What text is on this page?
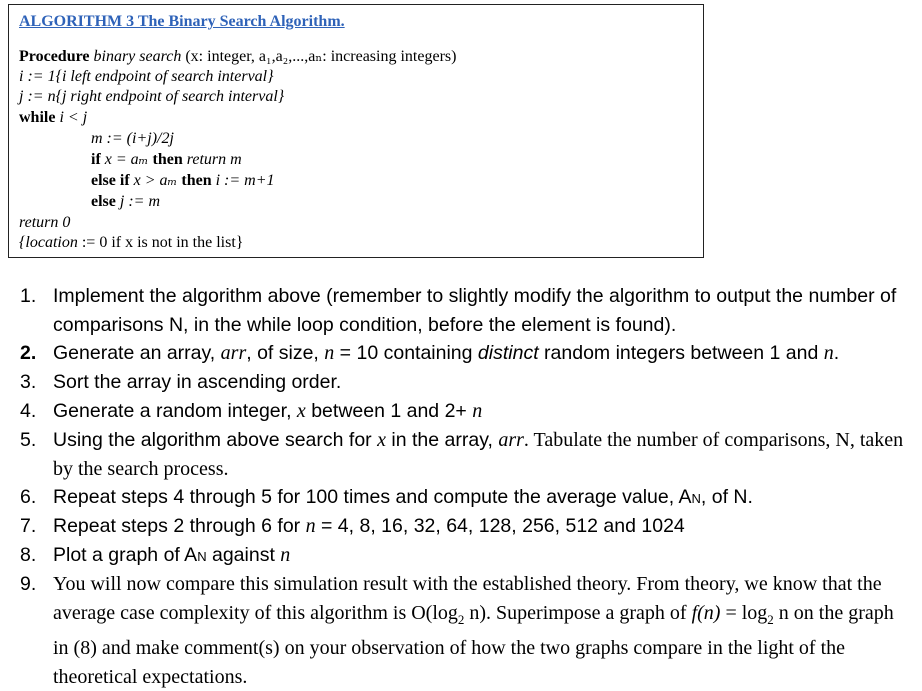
ALGORITHM 3 The Binary Search Algorithm.
Procedure binary search (x: integer, a₁,a₂,...,aₙ: increasing integers)
i := 1{i left endpoint of search interval}
j := n{j right endpoint of search interval}
while i < j
m := (i+j)/2j
if x = aₘ then return m
else if x > aₘ then i := m+1
else j := m
return 0
{location := 0 if x is not in the list}
1. Implement the algorithm above (remember to slightly modify the algorithm to output the number of comparisons N, in the while loop condition, before the element is found).
2. Generate an array, arr, of size, n = 10 containing distinct random integers between 1 and n.
3. Sort the array in ascending order.
4. Generate a random integer, x between 1 and 2+ n
5. Using the algorithm above search for x in the array, arr. Tabulate the number of comparisons, N, taken by the search process.
6. Repeat steps 4 through 5 for 100 times and compute the average value, AN, of N.
7. Repeat steps 2 through 6 for n = 4, 8, 16, 32, 64, 128, 256, 512 and 1024
8. Plot a graph of AN against n
9. You will now compare this simulation result with the established theory. From theory, we know that the average case complexity of this algorithm is $O(\log_2$ n). Superimpose a graph of $f(n) = \log_2 n$ on the graph in (8) and make comment(s) on your observation of how the two graphs compare in the light of the theoretical expectations.
